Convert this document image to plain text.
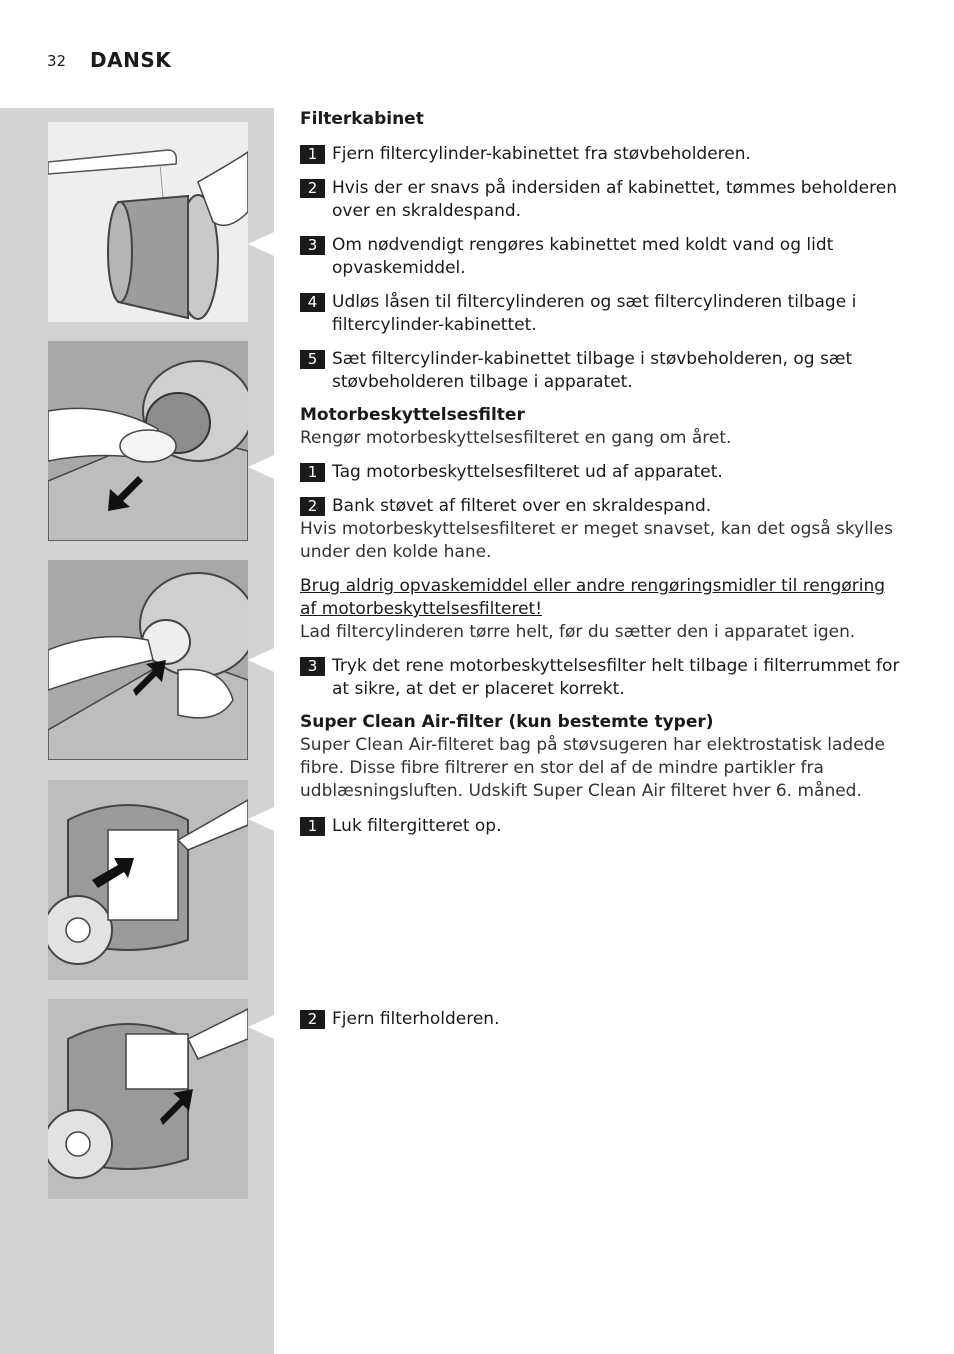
32 DANSK

Filterkabinet

1 Fjern filtercylinder-kabinettet fra støvbeholderen.
2 Hvis der er snavs på indersiden af kabinettet, tømmes beholderen over en skraldespand.
3 Om nødvendigt rengøres kabinettet med koldt vand og lidt opvaskemiddel.
4 Udløs låsen til filtercylinderen og sæt filtercylinderen tilbage i filtercylinder-kabinettet.
5 Sæt filtercylinder-kabinettet tilbage i støvbeholderen, og sæt støvbeholderen tilbage i apparatet.

Motorbeskyttelsesfilter

Rengør motorbeskyttelsesfilteret en gang om året.

1 Tag motorbeskyttelsesfilteret ud af apparatet.
2 Bank støvet af filteret over en skraldespand.

Hvis motorbeskyttelsesfilteret er meget snavset, kan det også skylles under den kolde hane.

Brug aldrig opvaskemiddel eller andre rengøringsmidler til rengøring af motorbeskyttelsesfilteret!

Lad filtercylinderen tørre helt, før du sætter den i apparatet igen.

3 Tryk det rene motorbeskyttelsesfilter helt tilbage i filterrummet for at sikre, at det er placeret korrekt.

Super Clean Air-filter (kun bestemte typer)

Super Clean Air-filteret bag på støvsugeren har elektrostatisk ladede fibre. Disse fibre filtrerer en stor del af de mindre partikler fra udblæsningsluften. Udskift Super Clean Air filteret hver 6. måned.

1 Luk filtergitteret op.
2 Fjern filterholderen.
